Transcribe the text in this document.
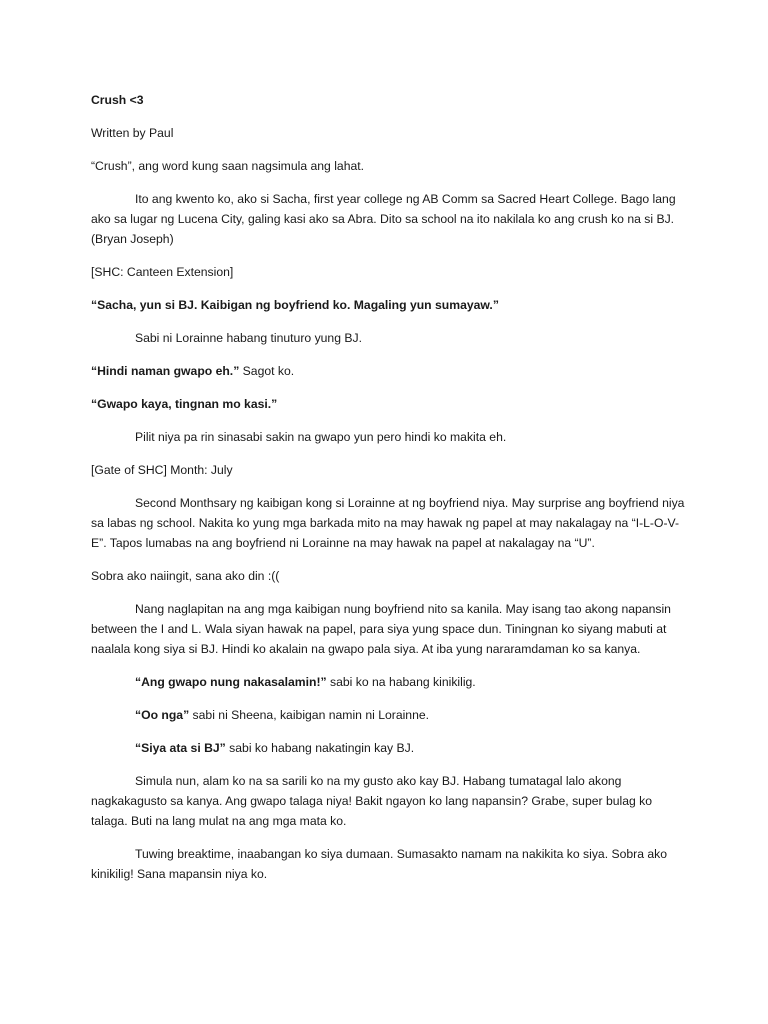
Crush <3

Written by Paul

“Crush”, ang word kung saan nagsimula ang lahat.

Ito ang kwento ko, ako si Sacha, first year college ng AB Comm sa Sacred Heart College. Bago lang ako sa lugar ng Lucena City, galing kasi ako sa Abra. Dito sa school na ito nakilala ko ang crush ko na si BJ. (Bryan Joseph)

[SHC: Canteen Extension]

“Sacha, yun si BJ. Kaibigan ng boyfriend ko. Magaling yun sumayaw.”

Sabi ni Lorainne habang tinuturo yung BJ.

“Hindi naman gwapo eh.” Sagot ko.

“Gwapo kaya, tingnan mo kasi.”

Pilit niya pa rin sinasabi sakin na gwapo yun pero hindi ko makita eh.

[Gate of SHC] Month: July

Second Monthsary ng kaibigan kong si Lorainne at ng boyfriend niya. May surprise ang boyfriend niya sa labas ng school. Nakita ko yung mga barkada mito na may hawak ng papel at may nakalagay na “I-L-O-V-E”. Tapos lumabas na ang boyfriend ni Lorainne na may hawak na papel at nakalagay na “U”.

Sobra ako naiingit, sana ako din :((

Nang naglapitan na ang mga kaibigan nung boyfriend nito sa kanila. May isang tao akong napansin between the I and L. Wala siyan hawak na papel, para siya yung space dun. Tiningnan ko siyang mabuti at naalala kong siya si BJ. Hindi ko akalain na gwapo pala siya. At iba yung nararamdaman ko sa kanya.

“Ang gwapo nung nakasalamin!” sabi ko na habang kinikilig.

“Oo nga” sabi ni Sheena, kaibigan namin ni Lorainne.

“Siya ata si BJ” sabi ko habang nakatingin kay BJ.

Simula nun, alam ko na sa sarili ko na my gusto ako kay BJ. Habang tumatagal lalo akong nagkakagusto sa kanya. Ang gwapo talaga niya! Bakit ngayon ko lang napansin? Grabe, super bulag ko talaga. Buti na lang mulat na ang mga mata ko.

Tuwing breaktime, inaabangan ko siya dumaan. Sumasakto namam na nakikita ko siya. Sobra ako kinikilig! Sana mapansin niya ko.
